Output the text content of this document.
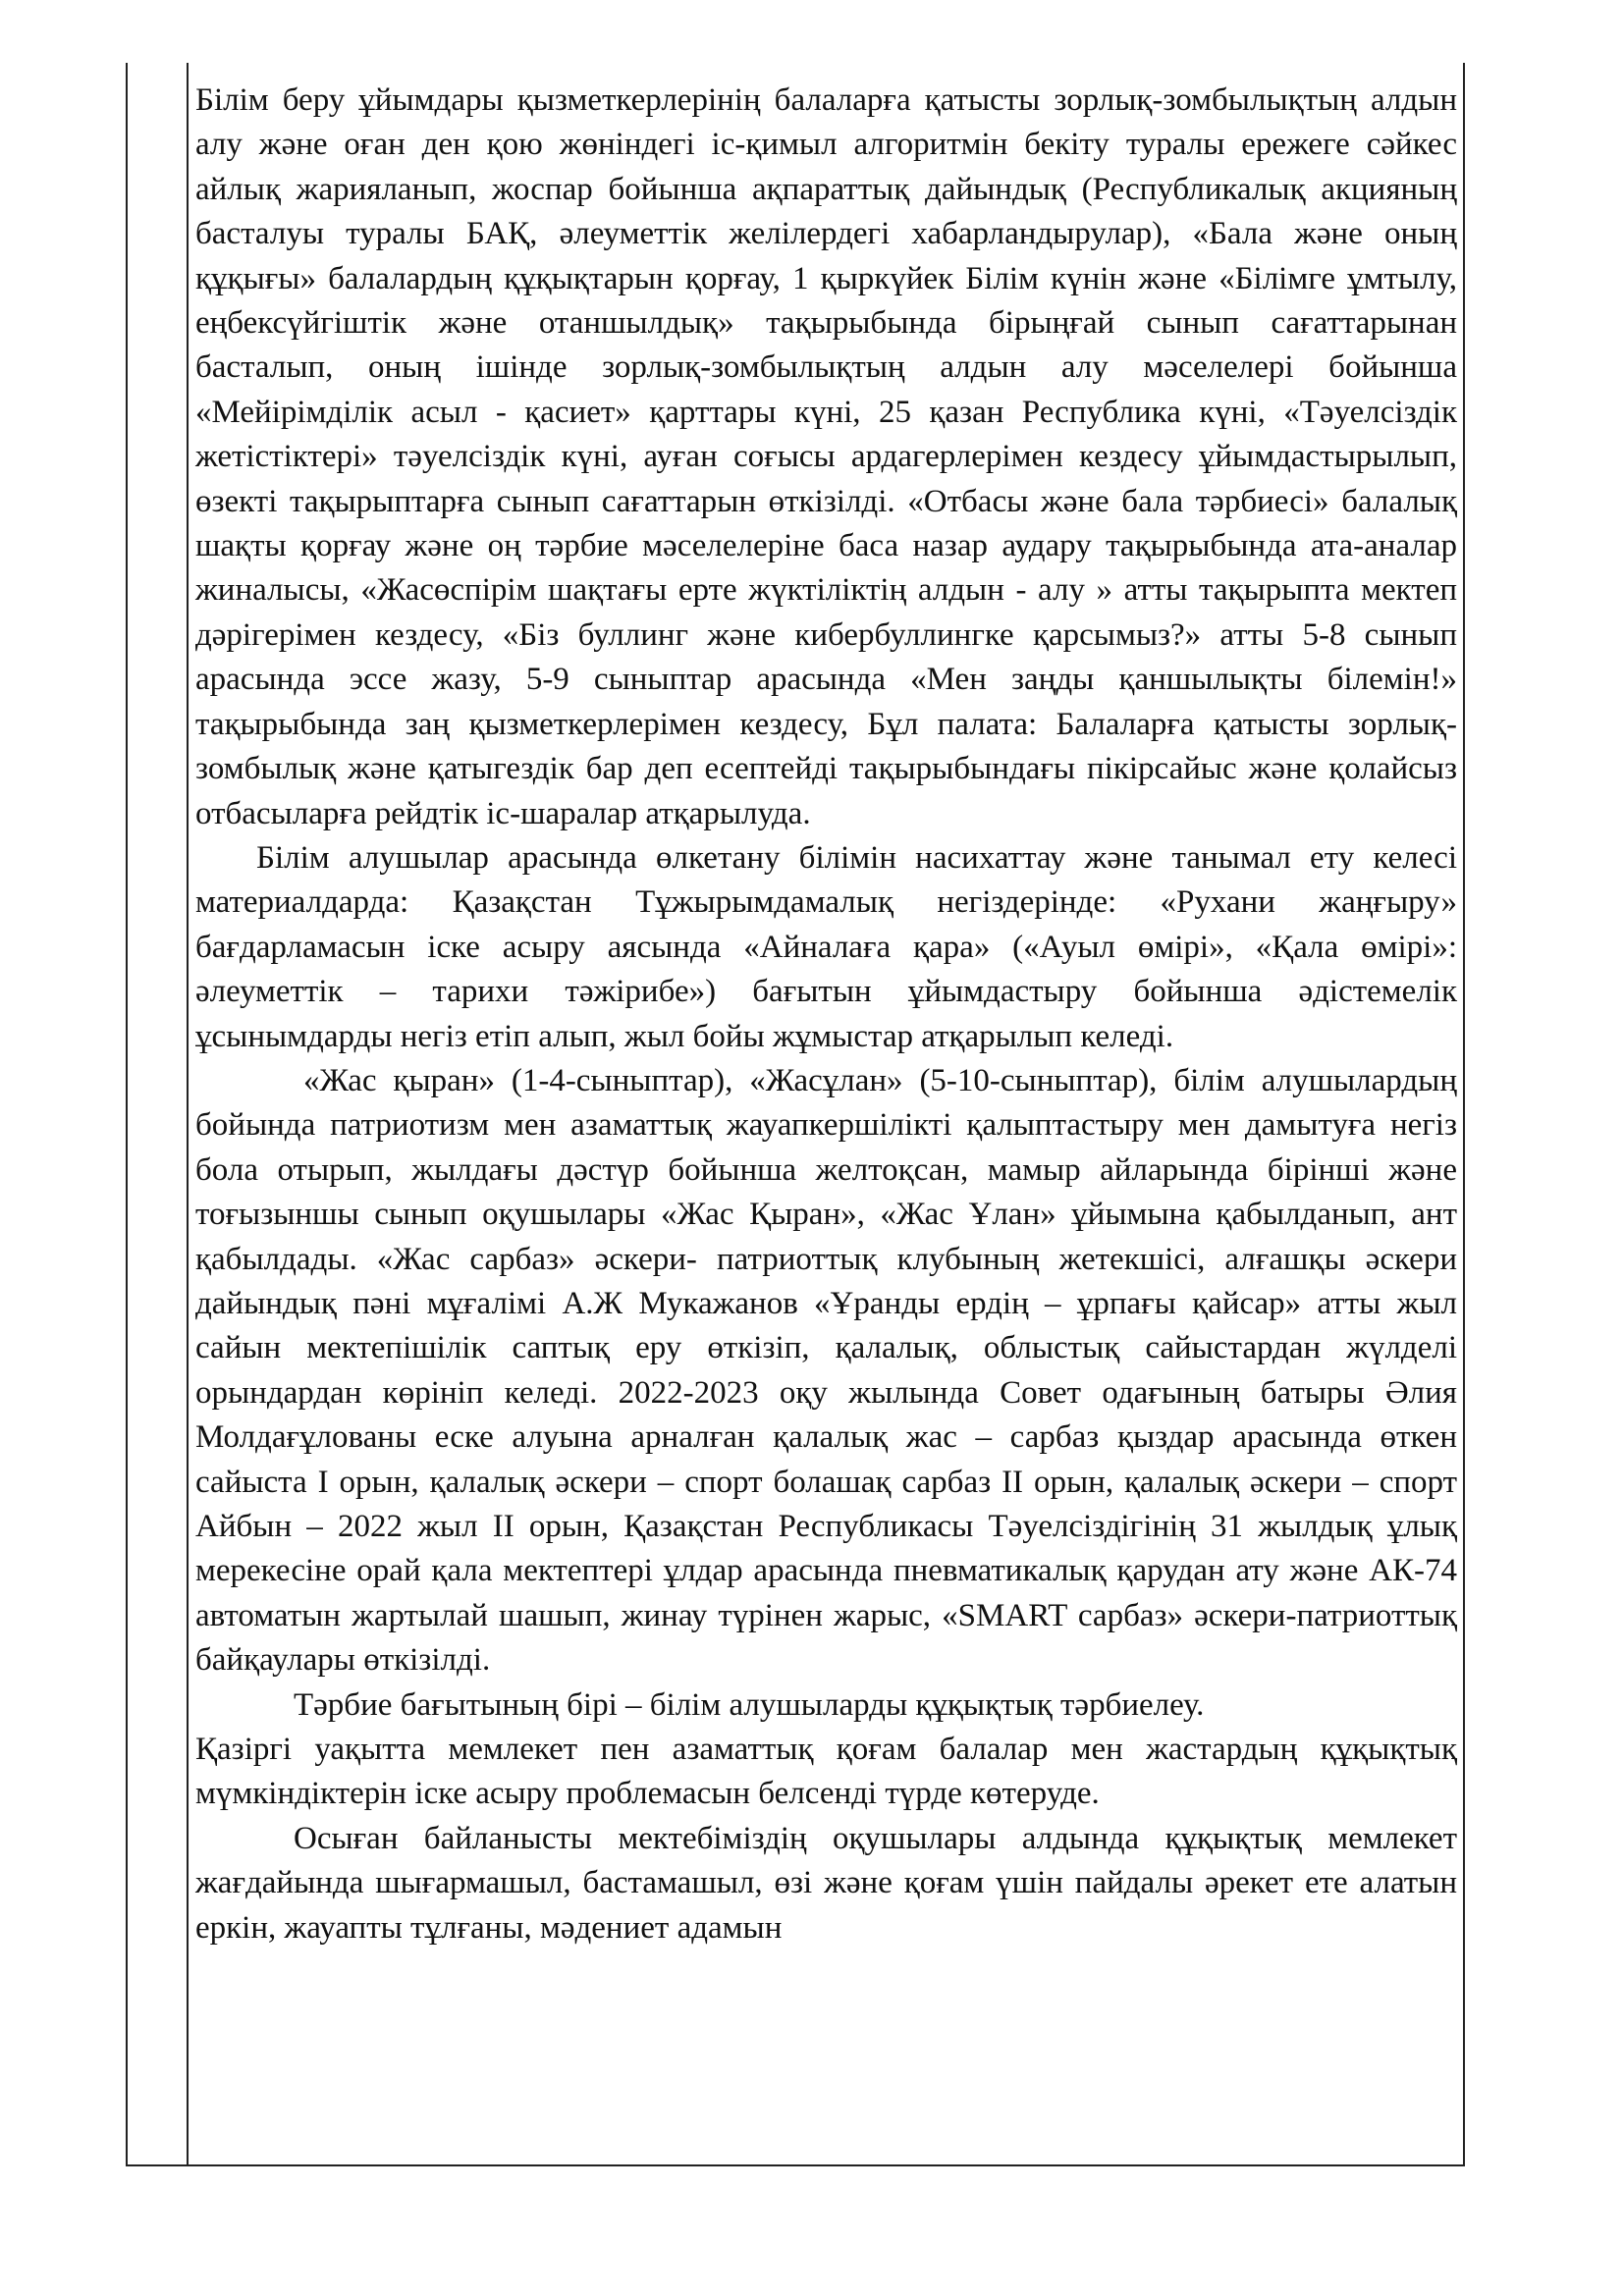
Білім беру ұйымдары қызметкерлерінің балаларға қатысты зорлық-зомбылықтың алдын алу және оған ден қою жөніндегі іс-қимыл алгоритмін бекіту туралы ережеге сәйкес айлық жарияланып, жоспар бойынша ақпараттық дайындық (Республикалық акцияның басталуы туралы БАҚ, әлеуметтік желілердегі хабарландырулар), «Бала және оның құқығы» балалардың құқықтарын қорғау, 1 қыркүйек Білім күнін және «Білімге ұмтылу, еңбексүйгіштік және отаншылдық» тақырыбында бірыңғай сынып сағаттарынан басталып, оның ішінде зорлық-зомбылықтың алдын алу мәселелері бойынша «Мейірімділік асыл - қасиет» қарттары күні, 25 қазан Республика күні, «Тәуелсіздік жетістіктері» тәуелсіздік күні, ауған соғысы ардагерлерімен кездесу ұйымдастырылып, өзекті тақырыптарға сынып сағаттарын өткізілді. «Отбасы және бала тәрбиесі» балалық шақты қорғау және оң тәрбие мәселелеріне баса назар аудару тақырыбында ата-аналар жиналысы, «Жасөспірім шақтағы ерте жүктіліктің алдын - алу » атты тақырыпта мектеп дәрігерімен кездесу, «Біз буллинг және кибербуллингке қарсымыз?» атты 5-8 сынып арасында эссе жазу, 5-9 сыныптар арасында «Мен заңды қаншылықты білемін!» тақырыбында заң қызметкерлерімен кездесу, Бұл палата: Балаларға қатысты зорлық-зомбылық және қатыгездік бар деп есептейді тақырыбындағы пікірсайыс және қолайсыз отбасыларға рейдтік іс-шаралар атқарылуда.

Білім алушылар арасында өлкетану білімін насихаттау және танымал ету келесі материалдарда: Қазақстан Тұжырымдамалық негіздерінде: «Рухани жаңғыру» бағдарламасын іске асыру аясында «Айналаға қара» («Ауыл өмірі», «Қала өмірі»: әлеуметтік – тарихи тәжірибе») бағытын ұйымдастыру бойынша әдістемелік ұсынымдарды негіз етіп алып, жыл бойы жұмыстар атқарылып келеді.

«Жас қыран» (1-4-сыныптар), «Жасұлан» (5-10-сыныптар), білім алушылардың бойында патриотизм мен азаматтық жауапкершілікті қалыптастыру мен дамытуға негіз бола отырып, жылдағы дәстүр бойынша желтоқсан, мамыр айларында бірінші және тоғызыншы сынып оқушылары «Жас Қыран», «Жас Ұлан» ұйымына қабылданып, ант қабылдады. «Жас сарбаз» әскери- патриоттық клубының жетекшісі, алғашқы әскери дайындық пәні мұғалімі А.Ж Мукажанов «Ұранды ердің – ұрпағы қайсар» атты жыл сайын мектепішілік саптық еру өткізіп, қалалық, облыстық сайыстардан жүлделі орындардан көрініп келеді. 2022-2023 оқу жылында Совет одағының батыры Әлия Молдағұлованы еске алуына арналған қалалық жас – сарбаз қыздар арасында өткен сайыста І орын, қалалық әскери – спорт болашақ сарбаз ІІ орын, қалалық әскери – спорт Айбын – 2022 жыл ІІ орын, Қазақстан Республикасы Тәуелсіздігінің 31 жылдық ұлық мерекесіне орай қала мектептері ұлдар арасында пневматикалық қарудан ату және АК-74 автоматын жартылай шашып, жинау түрінен жарыс, «SMART сарбаз» әскери-патриоттық байқаулары өткізілді.

Тәрбие бағытының бірі – білім алушыларды құқықтық тәрбиелеу.

Қазіргі уақытта мемлекет пен азаматтық қоғам балалар мен жастардың құқықтық мүмкіндіктерін іске асыру проблемасын белсенді түрде көтеруде.

Осыған байланысты мектебіміздің оқушылары алдында құқықтық мемлекет жағдайында шығармашыл, бастамашыл, өзі және қоғам үшін пайдалы әрекет ете алатын еркін, жауапты тұлғаны, мәдениет адамын
